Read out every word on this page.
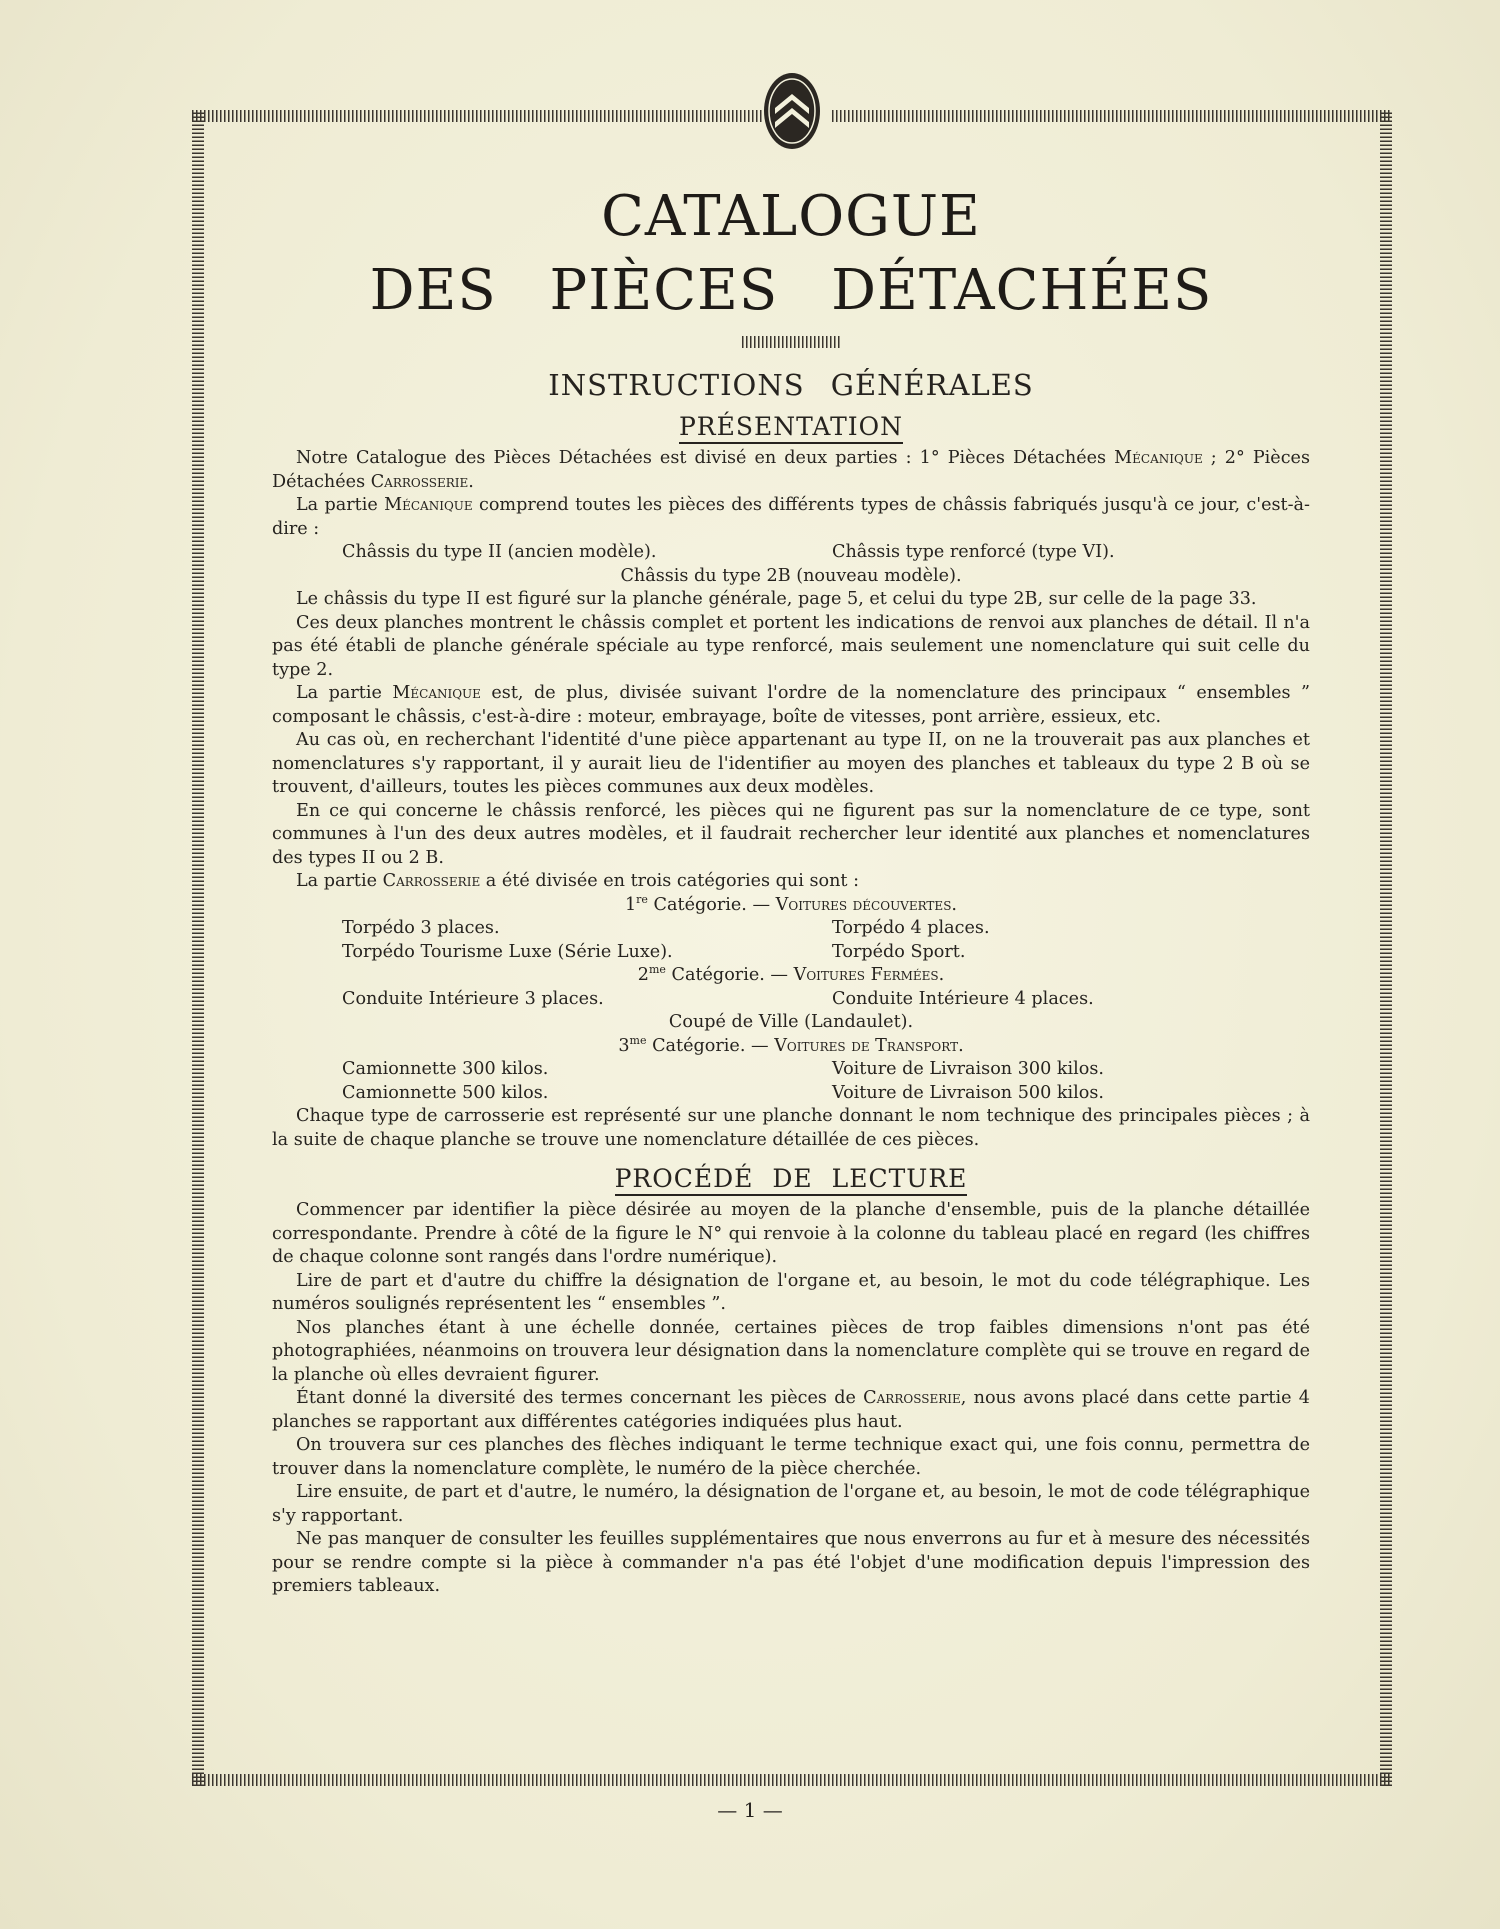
CATALOGUE
DES PIÈCES DÉTACHÉES
INSTRUCTIONS GÉNÉRALES
PRÉSENTATION

Notre Catalogue des Pièces Détachées est divisé en deux parties : 1° Pièces Détachées Mécanique ; 2° Pièces Détachées Carrosserie.

La partie Mécanique comprend toutes les pièces des différents types de châssis fabriqués jusqu'à ce jour, c'est-à-dire :

Châssis du type II (ancien modèle).	Châssis type renforcé (type VI).
Châssis du type 2B (nouveau modèle).

Le châssis du type II est figuré sur la planche générale, page 5, et celui du type 2B, sur celle de la page 33.

Ces deux planches montrent le châssis complet et portent les indications de renvoi aux planches de détail. Il n'a pas été établi de planche générale spéciale au type renforcé, mais seulement une nomenclature qui suit celle du type 2.

La partie Mécanique est, de plus, divisée suivant l'ordre de la nomenclature des principaux “ ensembles ” composant le châssis, c'est-à-dire : moteur, embrayage, boîte de vitesses, pont arrière, essieux, etc.

Au cas où, en recherchant l'identité d'une pièce appartenant au type II, on ne la trouverait pas aux planches et nomenclatures s'y rapportant, il y aurait lieu de l'identifier au moyen des planches et tableaux du type 2 B où se trouvent, d'ailleurs, toutes les pièces communes aux deux modèles.

En ce qui concerne le châssis renforcé, les pièces qui ne figurent pas sur la nomenclature de ce type, sont communes à l'un des deux autres modèles, et il faudrait rechercher leur identité aux planches et nomenclatures des types II ou 2 B.

La partie Carrosserie a été divisée en trois catégories qui sont :

1re Catégorie. — Voitures découvertes.
Torpédo 3 places.	Torpédo 4 places.
Torpédo Tourisme Luxe (Série Luxe).	Torpédo Sport.
$2^{me}$ Catégorie. — Voitures Fermées.
Conduite Intérieure 3 places.	Conduite Intérieure 4 places.
Coupé de Ville (Landaulet).
$3^{me}$ Catégorie. — Voitures de Transport.
Camionnette 300 kilos.	Voiture de Livraison 300 kilos.
Camionnette 500 kilos.	Voiture de Livraison 500 kilos.

Chaque type de carrosserie est représenté sur une planche donnant le nom technique des principales pièces ; à la suite de chaque planche se trouve une nomenclature détaillée de ces pièces.

PROCÉDÉ DE LECTURE

Commencer par identifier la pièce désirée au moyen de la planche d'ensemble, puis de la planche détaillée correspondante. Prendre à côté de la figure le N° qui renvoie à la colonne du tableau placé en regard (les chiffres de chaque colonne sont rangés dans l'ordre numérique).

Lire de part et d'autre du chiffre la désignation de l'organe et, au besoin, le mot du code télégraphique. Les numéros soulignés représentent les “ ensembles ”.

Nos planches étant à une échelle donnée, certaines pièces de trop faibles dimensions n'ont pas été photographiées, néanmoins on trouvera leur désignation dans la nomenclature complète qui se trouve en regard de la planche où elles devraient figurer.

Étant donné la diversité des termes concernant les pièces de Carrosserie, nous avons placé dans cette partie 4 planches se rapportant aux différentes catégories indiquées plus haut.

On trouvera sur ces planches des flèches indiquant le terme technique exact qui, une fois connu, permettra de trouver dans la nomenclature complète, le numéro de la pièce cherchée.

Lire ensuite, de part et d'autre, le numéro, la désignation de l'organe et, au besoin, le mot de code télégraphique s'y rapportant.

Ne pas manquer de consulter les feuilles supplémentaires que nous enverrons au fur et à mesure des nécessités pour se rendre compte si la pièce à commander n'a pas été l'objet d'une modification depuis l'impression des premiers tableaux.

— 1 —
